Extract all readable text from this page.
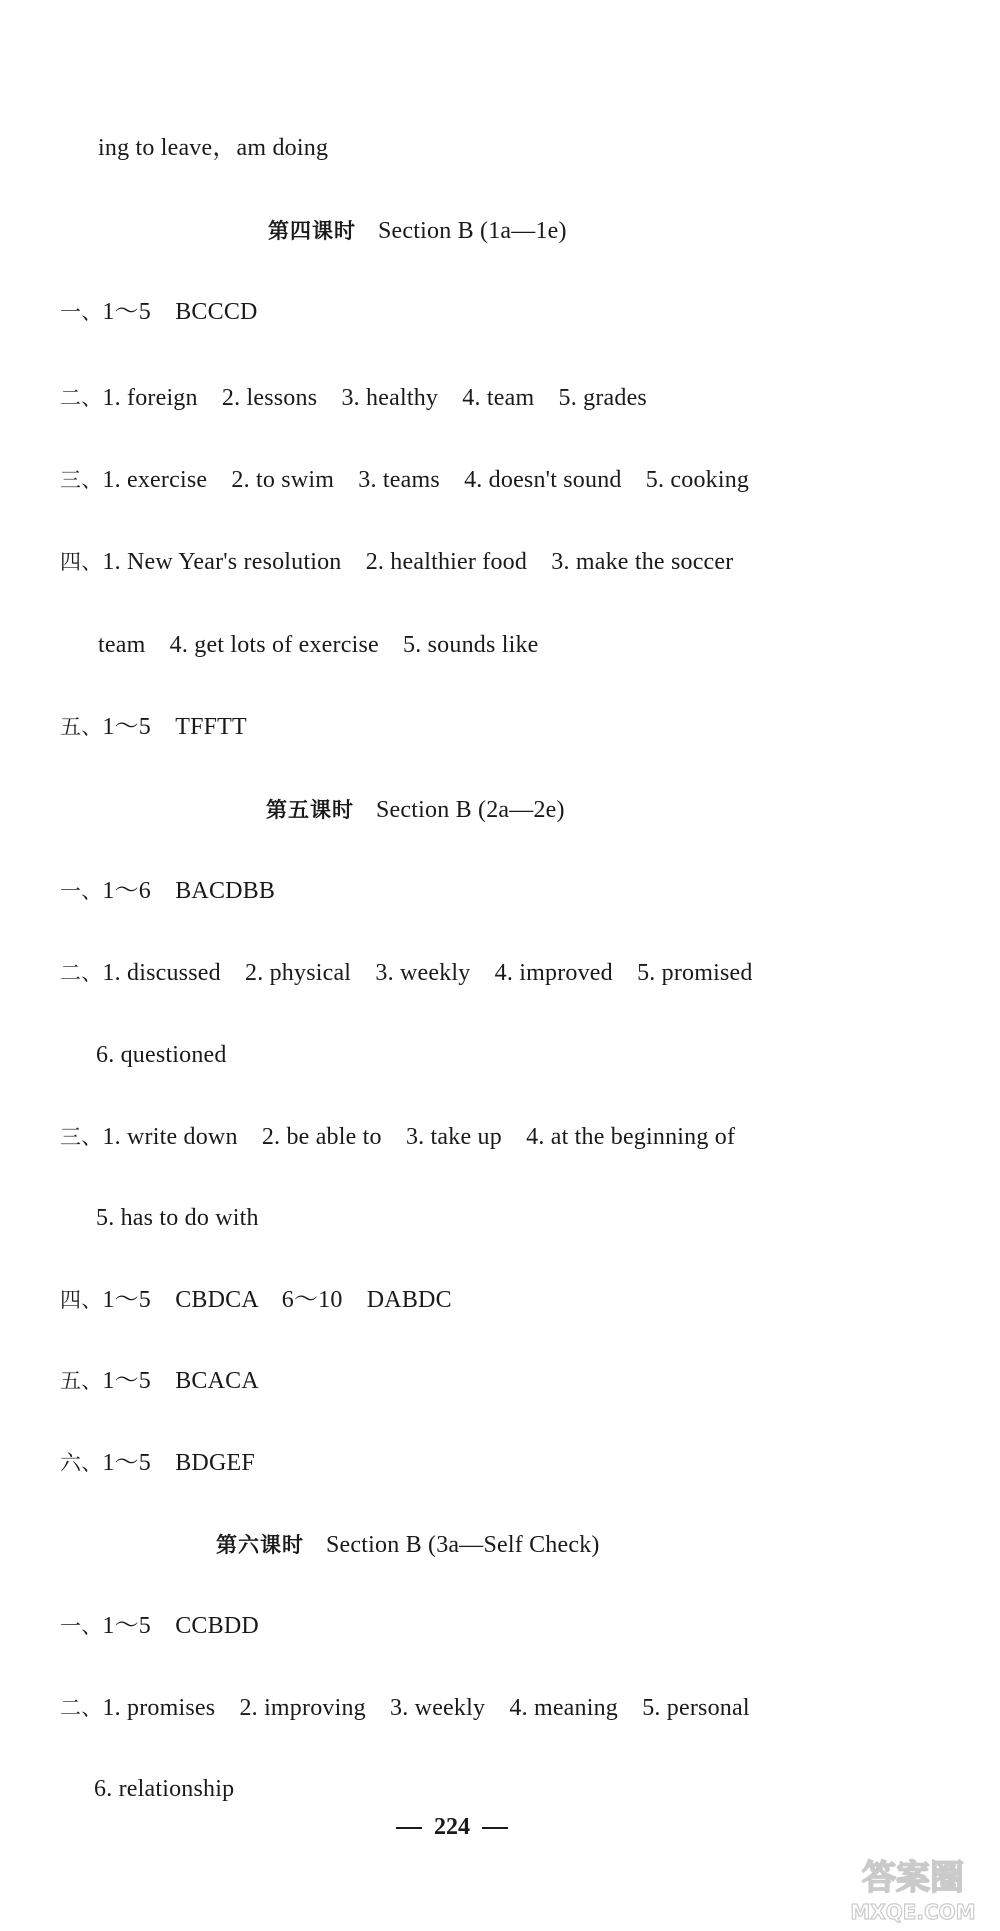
ing to leave，am doing
第四课时 Section B (1a—1e)
一、1～5　BCCCD
二、1. foreign　2. lessons　3. healthy　4. team　5. grades
三、1. exercise　2. to swim　3. teams　4. doesn't sound　5. cooking
四、1. New Year's resolution　2. healthier food　3. make the soccer
team　4. get lots of exercise　5. sounds like
五、1～5　TFFTT
第五课时 Section B (2a—2e)
一、1～6　BACDBB
二、1. discussed　2. physical　3. weekly　4. improved　5. promised
6. questioned
三、1. write down　2. be able to　3. take up　4. at the beginning of
5. has to do with
四、1～5　CBDCA　6～10　DABDC
五、1～5　BCACA
六、1～5　BDGEF
第六课时 Section B (3a—Self Check)
一、1～5　CCBDD
二、1. promises　2. improving　3. weekly　4. meaning　5. personal
6. relationship
224
答案圈
MXQE.COM
